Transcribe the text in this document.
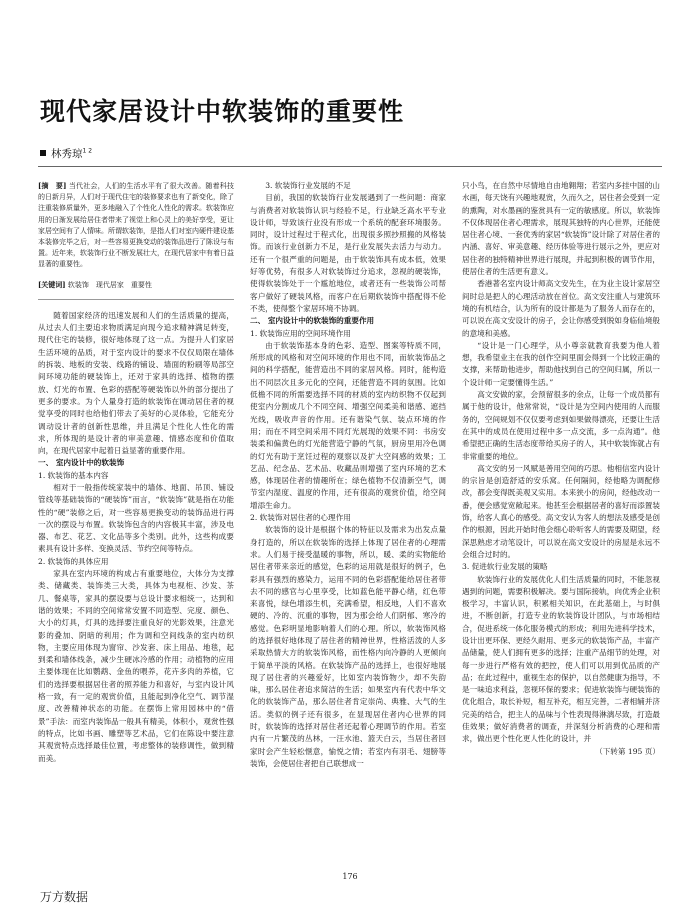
现代家居设计中软装饰的重要性
林秀琼$^{1 2}$

[摘　要] 当代社会，人们的生活水平有了很大改善。随着科技的日新月异，人们对于现代住宅的装修要求也有了新变化，除了注重装修质量外，更多地融入了个性化人性化的需求。软装饰应用的日渐发展给居住者带来了视觉上和心灵上的美好享受，更让家居空间有了人情味。所谓软装饰，是指人们对室内硬件建设基本装修完毕之后，对一些容易更换变动的装饰品进行了陈设与布置。近年来，软装饰行业不断发展壮大，在现代居家中有着日益显著的重要性。

[关键词] 软装饰　现代居家　重要性

随着国家经济的迅速发展和人们的生活质量的提高，从过去人们主要追求物质满足向现今追求精神满足转变，现代住宅的装修，很好地体现了这一点。为提升人们家居生活环境的品质，对于室内设计的要求不仅仅局限在墙体的拆装、地板的安装、线路的铺设、墙面的粉刷等局部空间环境功能的硬装饰上，还对于家具的选择、植物的摆放、灯光的布置、色彩的搭配等硬装饰以外的部分提出了更多的要求。为个人量身打造的软装饰在调动居住者的视觉享受的同时也给他们带去了美好的心灵体验，它能充分调动设计者的创新性思维，并且满足个性化人性化的需求，所体现的是设计者的审美意趣、情感态度和价值取向，在现代居家中起着日益显著的重要作用。

一、 室内设计中的软装饰

1. 软装饰的基本内容

相对于一般指传统家装中的墙体、地面、吊顶、铺设管线等基础装饰的“硬装饰”而言，“软装饰”就是指在功能性的“硬”装修之后，对一些容易更换变动的装饰品进行再一次的摆设与布置。软装饰包含的内容极其丰富，涉及电器、布艺、花艺、文化品等多个类别。此外，这些构成要素具有设计多样、变换灵活、节约空间等特点。

2. 软装饰的具体应用

家具在室内环境的构成占有重要地位，大体分为支撑类、储藏类、装饰类三大类，具体为电视柜、沙发、茶几、餐桌等，家具的摆设要与总设计要求相统一，达到和谐的效果；不同的空间常常安置不同造型、完度、颜色、大小的灯具，灯具的选择要注重良好的光影效果，注意光影的叠加、阴暗的利用；作为调和空间线条的室内纺织物，主要应用体现为窗帘、沙发套、床上用品、地毯，起到柔和墙体线条，减少生硬冰冷感的作用；动植物的应用主要体现在比如鹦鹉、金鱼的喂养，花卉多肉的养植，它们的选择要根据居住者的照养能力和喜好，与室内设计风格一致，有一定的观赏价值，且能起到净化空气、调节湿度、改善精神状态的功能。在摆饰上常用园林中的“借景”手法：而室内装饰品一般具有精美，体积小，观赏性强的特点，比如书画、雕塑等艺术品，它们在陈设中要注意其观赏特点选择最佳位置，考虑整体的装修调性，做到精而美。

3. 软装饰行业发展的不足

目前，我国的软装饰行业发展遇到了一些问题：商家与消费者对软装饰认识与经验不足，行业缺乏高水平专业设计师，导致该行业没有形成一个系统的配套环境服务。同时，设计过程过于程式化，出现很多照抄照搬的风格装饰。而该行业创新力不足，是行业发展失去活力与动力。还有一个很严重的问题是，由于软装饰具有成本低，效果好等优势，有很多人对软装饰过分追求，忽视的硬装饰，使得软装饰处于一个尴尬地位，或者还有一些装饰公司帮客户做好了硬装风格，而客户在后期软装饰中搭配得不伦不类，使得整个家居环境不协调。

二、 室内设计中的软装饰的重要作用

1. 软装饰应用的空间环境作用

由于软装饰基本身的色彩、造型、图案等特质不同，所形成的风格和对空间环境的作用也不同，而软装饰品之间的科学搭配，能营造出不同的家居风格。同时，能构造出不同层次且多元化的空间，还能营造不同的氛围。比如低檐不同的所需要选择不同的材质的室内纺织物不仅起到使室内分割成几个不同空间、增强空间柔美和谐感、遮挡光线，吸收声音的作用。还有谐染气氛、装点环境的作用；而在不同空间采用不同灯光展现的效果不同：书房安装柔和偏黄色的灯光能营造宁静的气氛，厨房里用冷色调的灯光有助于烹饪过程的观察以及扩大空间感的效果；工艺品、纪念品、艺术品、收藏品则增强了室内环境的艺术感，体现居住者的情趣所在；绿色植物不仅清新空气，调节室内湿度、温度的作用，还有很高的观赏价值，给空间增添生命力。

2. 软装饰对居住者的心理作用

软装饰的设计是根据个体的特征以及需求为出发点量身打造的，所以在软装饰的选择上体现了居住者的心理需求。人们易于接受温暖的事物，所以，暖、柔的实物能给居住者带来亲近的感觉，色彩的运用就是很好的例子，色彩具有强烈的感染力，运用不同的色彩搭配能给居住者带去不同的感官与心里享受，比如蓝色能平静心绪，红色带来喜悦，绿色增添生机，充满希望，相反地，人们不喜欢硬的、冷的、沉重的事物，因为那会给人们阴郁、寒冷的感觉。色彩明显地影响着人们的心理。所以，软装饰风格的选择很好地体现了居住者的精神世界，性格活泼的人多采取热情大方的软装饰风格，而性格内向冷静的人更倾向于简单平淡的风格。在软装饰产品的选择上，也很好地展现了居住者的兴趣爱好，比如室内装饰物少，却不失韵味，那么居住者追求简洁的生活；如果室内有代表中华文化的软装饰产品，那么居住者肯定崇尚、典雅、大气的生活。类似的例子还有很多，在显现居住者内心世界的同时，软装饰的选择对居住者还起着心理调节的作用。若室内有一片繁茂的丛林，一汪水池、篮天白云，当居住者回家时会产生轻松惬意，愉悦之情；若室内有羽毛、翅膀等装饰，会使居住者把自己联想成一

只小鸟，在自然中尽情地自由地翱翔；若室内多挂中国的山水画，每天饶有兴趣地观赏，久而久之，居住者会受到一定的熏陶，对水墨画的鉴赏具有一定的敏感度。所以，软装饰不仅体现居住者心理需求，展现其独特的内心世界，还能使居住者心境、一套优秀的家居“软装饰”设计除了对居住者的内涵、喜好、审美意趣、经历体验等进行展示之外，更应对居住者的独特精神世界进行展现，并起到积极的调节作用，使居住者的生活更有意义。

香港著名室内设计师高文安先生，在为业主设计家居空间时总是把人的心理活动放在首位。高文安注重人与建筑环境的有机结合，认为所有的设计都是为了服务人而存在的，可以说在高文安设计的房子，会让你感受到脱如身临仙境般的意境和美感。

“设计是一门心理学，从小尊亲就教育我要为他人着想，我希望业主在我的创作空间里面会得到一个比较正确的支撑，来帮助他进步，帮助他找到自己的空间归属，所以一个设计师一定要懂得生活。”

高文安做的家，会预留很多的余点，让每一个成员都有属于他的设计，他常常说，“设计是为空间内使用的人而服务的，空间规划不仅仅要考虑到如果做得漂亮，还要让生活在其中的成员在使用过程中多一点交流，多一点沟通”。他希望把正确的生活态度带给买房子的人，其中软装饰就占有非常重要的地位。

高文安的另一风赋是善用空间的巧思。他相信室内设计的宗旨是创造舒适的安乐窝。任何隔间，经他略为调配修改，都会变得既美观又实用。本来狭小的房间，经他改动一番，便会感觉宽敞起来。他甚至会根据居者的喜好而添置装饰，给客人真心的感受。高文安认为客人的想法及感受是创作的根源，因此开始时他会细心聆听客人的需要及期望，经深思熟虑才动笔设计，可以说在高文安设计的房屋是永远不会组合过时的。

3. 促进软行业发展的策略

软装饰行业的发展优化人们生活质量的同时，不能忽视遇到的问题，需要积极解决。要与国际接轨，向优秀企业积极学习，丰富认识，积累相关知识，在此基础上，与时俱进，不断创新，打造专业的软装饰设计团队，与市场相结合，促进系统一体化服务模式的形成；利用先进科学技术，设计出更环保、更经久耐用、更多元的软装饰产品，丰富产品储量，使人们拥有更多的选择；注重产品细节的处理，对每一步进行严格有效的把控，使人们可以用到优品质的产品；在此过程中，重视生态的保护，以自然健康为指导，不是一味追求利益，忽视环保的要求；促进软装饰与硬装饰的优化组合，取长补短，相互补充，相互完善，二者相辅并济完美的结合，把主人的品味与个性表现得淋漓尽致，打造最佳效果；做好消费者的调查，并深刻分析消费的心理和需求，做出更个性化更人性化的设计，并

（下转第 195 页）

176
万方数据
